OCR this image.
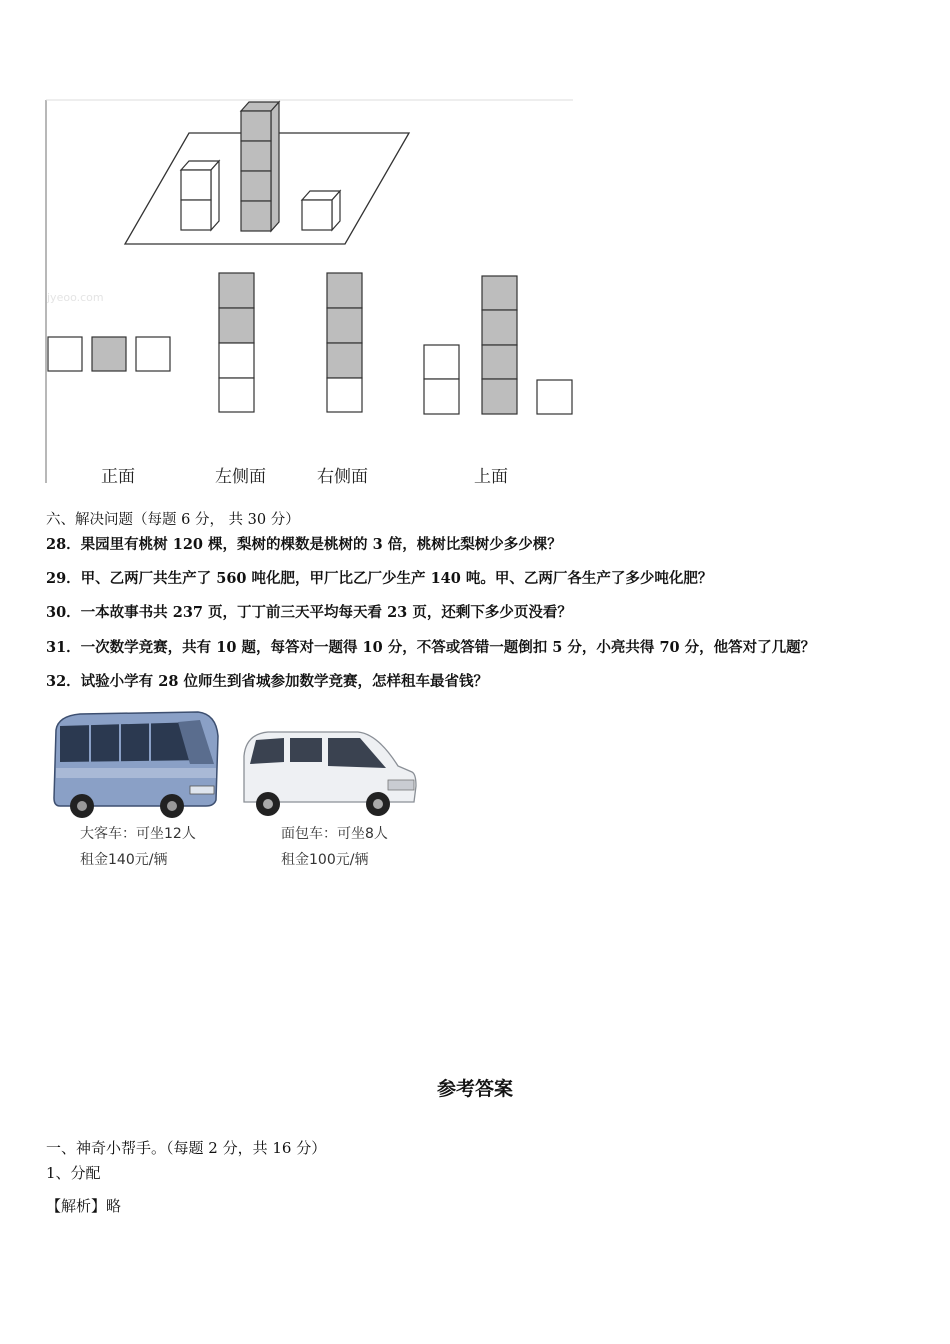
jyeoo.com
正面	左侧面	右侧面	上面
六、解决问题（每题 6 分， 共 30 分）
28．果园里有桃树 120 棵，梨树的棵数是桃树的 3 倍，桃树比梨树少多少棵？
29．甲、乙两厂共生产了 560 吨化肥，甲厂比乙厂少生产 140 吨。甲、乙两厂各生产了多少吨化肥？
30．一本故事书共 237 页，丁丁前三天平均每天看 23 页，还剩下多少页没看？
31．一次数学竞赛，共有 10 题，每答对一题得 10 分，不答或答错一题倒扣 5 分，小亮共得 70 分，他答对了几题？
32．试验小学有 28 位师生到省城参加数学竞赛，怎样租车最省钱？
大客车：可坐12人
租金140元/辆
面包车：可坐8人
租金100元/辆
参考答案
一、神奇小帮手。（每题 2 分，共 16 分）
1、分配
【解析】略
